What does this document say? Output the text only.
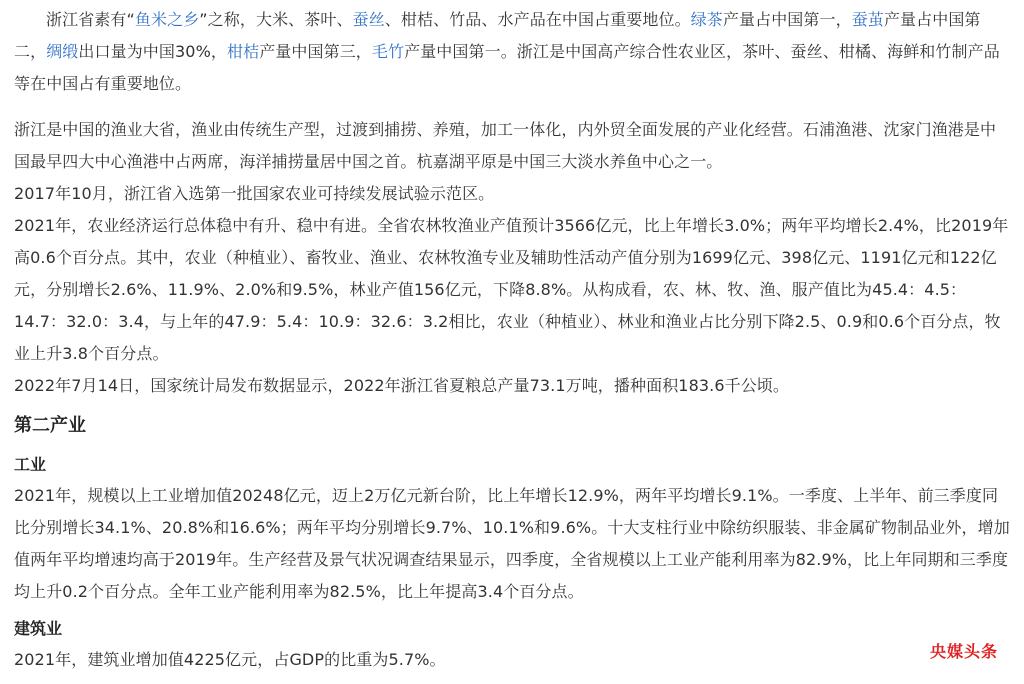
浙江省素有“鱼米之乡”之称，大米、茶叶、蚕丝、柑桔、竹品、水产品在中国占重要地位。绿茶产量占中国第一，蚕茧产量占中国第二，绸缎出口量为中国30%，柑桔产量中国第三，毛竹产量中国第一。浙江是中国高产综合性农业区，茶叶、蚕丝、柑橘、海鲜和竹制产品等在中国占有重要地位。

浙江是中国的渔业大省，渔业由传统生产型，过渡到捕捞、养殖，加工一体化，内外贸全面发展的产业化经营。石浦渔港、沈家门渔港是中国最早四大中心渔港中占两席，海洋捕捞量居中国之首。杭嘉湖平原是中国三大淡水养鱼中心之一。

2017年10月，浙江省入选第一批国家农业可持续发展试验示范区。

2021年，农业经济运行总体稳中有升、稳中有进。全省农林牧渔业产值预计3566亿元，比上年增长3.0%；两年平均增长2.4%，比2019年高0.6个百分点。其中，农业（种植业）、畜牧业、渔业、农林牧渔专业及辅助性活动产值分别为1699亿元、398亿元、1191亿元和122亿元，分别增长2.6%、11.9%、2.0%和9.5%，林业产值156亿元，下降8.8%。从构成看，农、林、牧、渔、服产值比为45.4：4.5：14.7：32.0：3.4，与上年的47.9：5.4：10.9：32.6：3.2相比，农业（种植业）、林业和渔业占比分别下降2.5、0.9和0.6个百分点，牧业上升3.8个百分点。

2022年7月14日，国家统计局发布数据显示，2022年浙江省夏粮总产量73.1万吨，播种面积183.6千公顷。

第二产业
工业

2021年，规模以上工业增加值20248亿元，迈上2万亿元新台阶，比上年增长12.9%，两年平均增长9.1%。一季度、上半年、前三季度同比分别增长34.1%、20.8%和16.6%；两年平均分别增长9.7%、10.1%和9.6%。十大支柱行业中除纺织服装、非金属矿物制品业外，增加值两年平均增速均高于2019年。生产经营及景气状况调查结果显示，四季度，全省规模以上工业产能利用率为82.9%，比上年同期和三季度均上升0.2个百分点。全年工业产能利用率为82.5%，比上年提高3.4个百分点。

建筑业

2021年，建筑业增加值4225亿元，占GDP的比重为5.7%。	央媒头条
